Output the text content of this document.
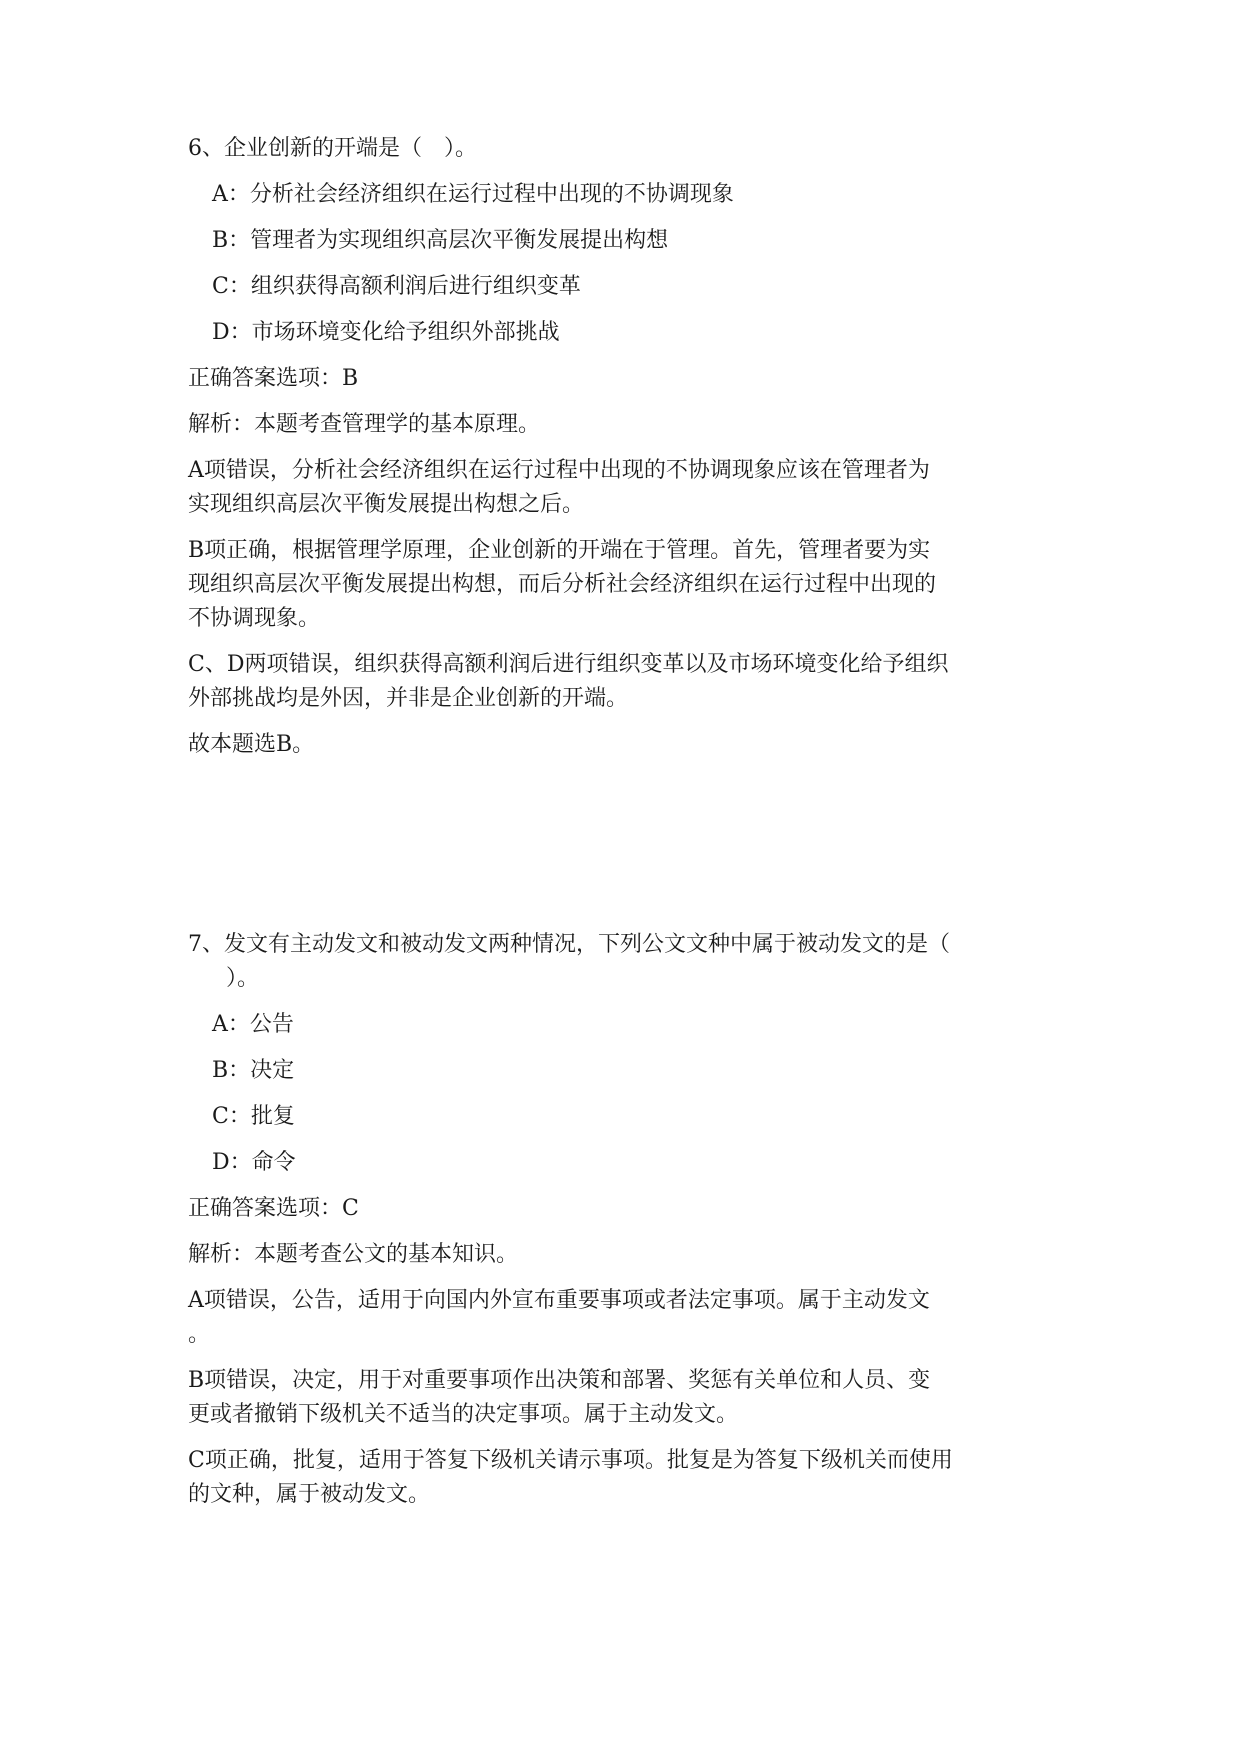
6、企业创新的开端是（　）。

A：分析社会经济组织在运行过程中出现的不协调现象

B：管理者为实现组织高层次平衡发展提出构想

C：组织获得高额利润后进行组织变革

D：市场环境变化给予组织外部挑战

正确答案选项：B

解析：本题考查管理学的基本原理。

A项错误，分析社会经济组织在运行过程中出现的不协调现象应该在管理者为
实现组织高层次平衡发展提出构想之后。

B项正确，根据管理学原理，企业创新的开端在于管理。首先，管理者要为实
现组织高层次平衡发展提出构想，而后分析社会经济组织在运行过程中出现的
不协调现象。

C、D两项错误，组织获得高额利润后进行组织变革以及市场环境变化给予组织
外部挑战均是外因，并非是企业创新的开端。

故本题选B。

7、发文有主动发文和被动发文两种情况，下列公文文种中属于被动发文的是（
）。

A：公告

B：决定

C：批复

D：命令

正确答案选项：C

解析：本题考查公文的基本知识。

A项错误，公告，适用于向国内外宣布重要事项或者法定事项。属于主动发文
。

B项错误，决定，用于对重要事项作出决策和部署、奖惩有关单位和人员、变
更或者撤销下级机关不适当的决定事项。属于主动发文。

C项正确，批复，适用于答复下级机关请示事项。批复是为答复下级机关而使用
的文种，属于被动发文。
